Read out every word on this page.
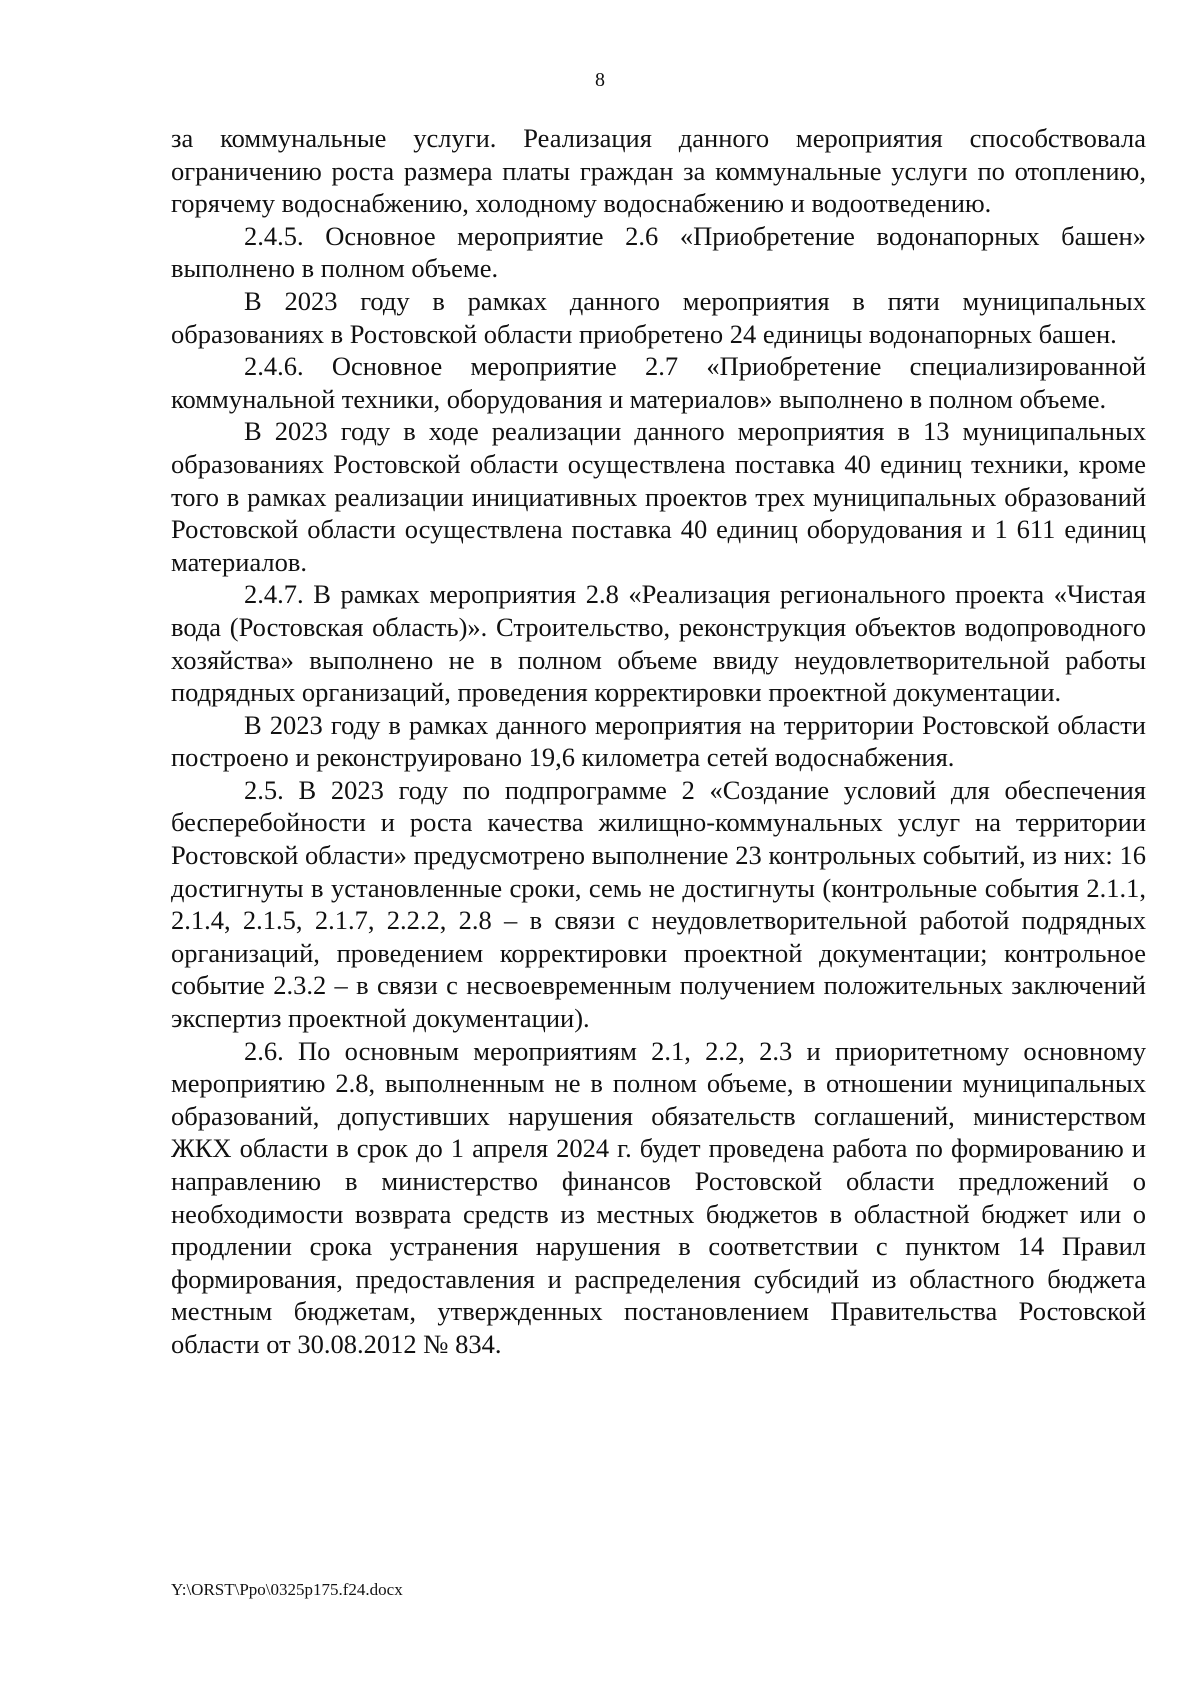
8

за коммунальные услуги. Реализация данного мероприятия способствовала ограничению роста размера платы граждан за коммунальные услуги по отоплению, горячему водоснабжению, холодному водоснабжению и водоотведению.

2.4.5. Основное мероприятие 2.6 «Приобретение водонапорных башен» выполнено в полном объеме.

В 2023 году в рамках данного мероприятия в пяти муниципальных образованиях в Ростовской области приобретено 24 единицы водонапорных башен.

2.4.6. Основное мероприятие 2.7 «Приобретение специализированной коммунальной техники, оборудования и материалов» выполнено в полном объеме.

В 2023 году в ходе реализации данного мероприятия в 13 муниципальных образованиях Ростовской области осуществлена поставка 40 единиц техники, кроме того в рамках реализации инициативных проектов трех муниципальных образований Ростовской области осуществлена поставка 40 единиц оборудования и 1 611 единиц материалов.

2.4.7. В рамках мероприятия 2.8 «Реализация регионального проекта «Чистая вода (Ростовская область)». Строительство, реконструкция объектов водопроводного хозяйства» выполнено не в полном объеме ввиду неудовлетворительной работы подрядных организаций, проведения корректировки проектной документации.

В 2023 году в рамках данного мероприятия на территории Ростовской области построено и реконструировано 19,6 километра сетей водоснабжения.

2.5. В 2023 году по подпрограмме 2 «Создание условий для обеспечения бесперебойности и роста качества жилищно-коммунальных услуг на территории Ростовской области» предусмотрено выполнение 23 контрольных событий, из них: 16 достигнуты в установленные сроки, семь не достигнуты (контрольные события 2.1.1, 2.1.4, 2.1.5, 2.1.7, 2.2.2, 2.8 – в связи с неудовлетворительной работой подрядных организаций, проведением корректировки проектной документации; контрольное событие 2.3.2 – в связи с несвоевременным получением положительных заключений экспертиз проектной документации).

2.6. По основным мероприятиям 2.1, 2.2, 2.3 и приоритетному основному мероприятию 2.8, выполненным не в полном объеме, в отношении муниципальных образований, допустивших нарушения обязательств соглашений, министерством ЖКХ области в срок до 1 апреля 2024 г. будет проведена работа по формированию и направлению в министерство финансов Ростовской области предложений о необходимости возврата средств из местных бюджетов в областной бюджет или о продлении срока устранения нарушения в соответствии с пунктом 14 Правил формирования, предоставления и распределения субсидий из областного бюджета местным бюджетам, утвержденных постановлением Правительства Ростовской области от 30.08.2012 № 834.

Y:\ORST\Ppo\0325p175.f24.docx
